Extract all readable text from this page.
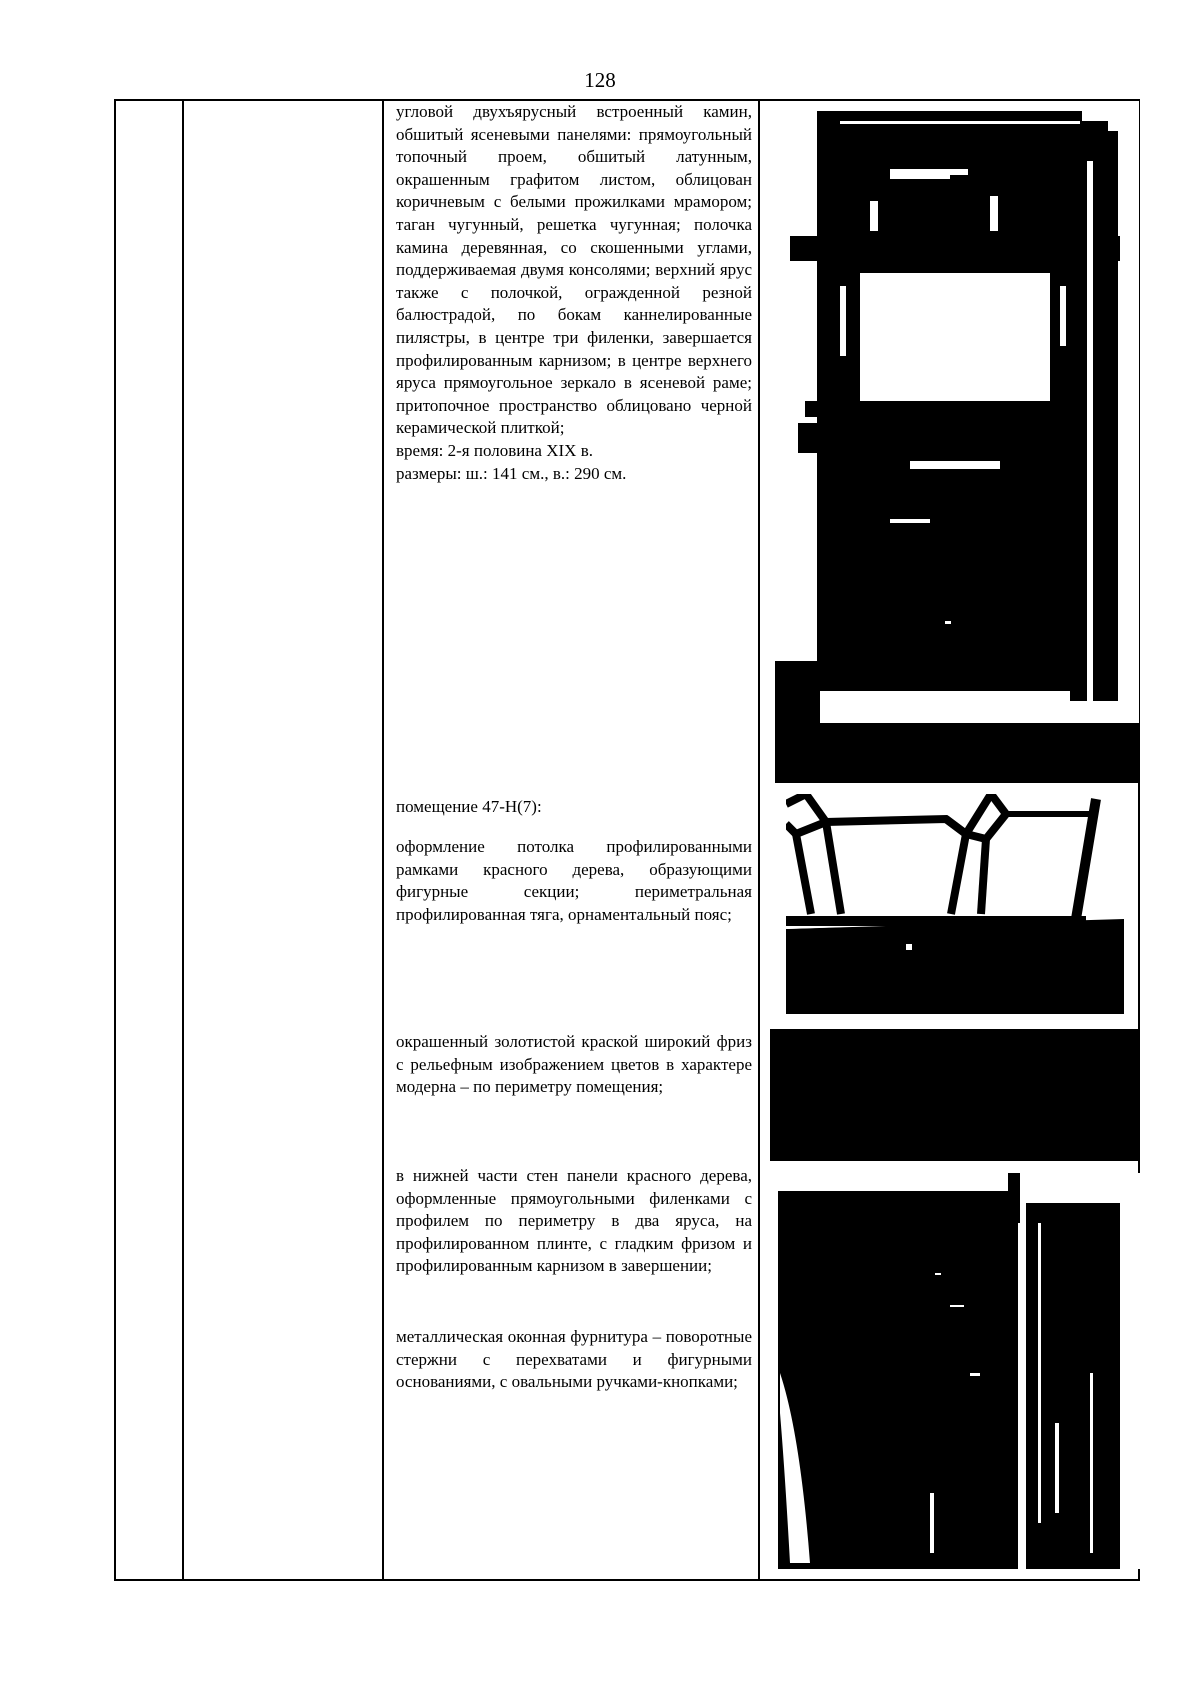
128

угловой двухъярусный встроенный камин, обшитый ясеневыми панелями: прямоугольный топочный проем, обшитый латунным, окрашенным графитом листом, облицован коричневым с белыми прожилками мрамором; таган чугунный, решетка чугунная; полочка камина деревянная, со скошенными углами, поддерживаемая двумя консолями; верхний ярус также с полочкой, огражденной резной балюстрадой, по бокам каннелированные пилястры, в центре три филенки, завершается профилированным карнизом; в центре верхнего яруса прямоугольное зеркало в ясеневой раме; притопочное пространство облицовано черной керамической плиткой;

время: 2-я половина XIX в.

размеры: ш.: 141 см., в.: 290 см.

помещение 47-Н(7):

оформление потолка профилированными рамками красного дерева, образующими фигурные секции; периметральная профилированная тяга, орнаментальный пояс;

окрашенный золотистой краской широкий фриз с рельефным изображением цветов в характере модерна – по периметру помещения;

в нижней части стен панели красного дерева, оформленные прямоугольными филенками с профилем по периметру в два яруса, на профилированном плинте, с гладким фризом и профилированным карнизом в завершении;

металлическая оконная фурнитура – поворотные стержни с перехватами и фигурными основаниями, с овальными ручками-кнопками;
